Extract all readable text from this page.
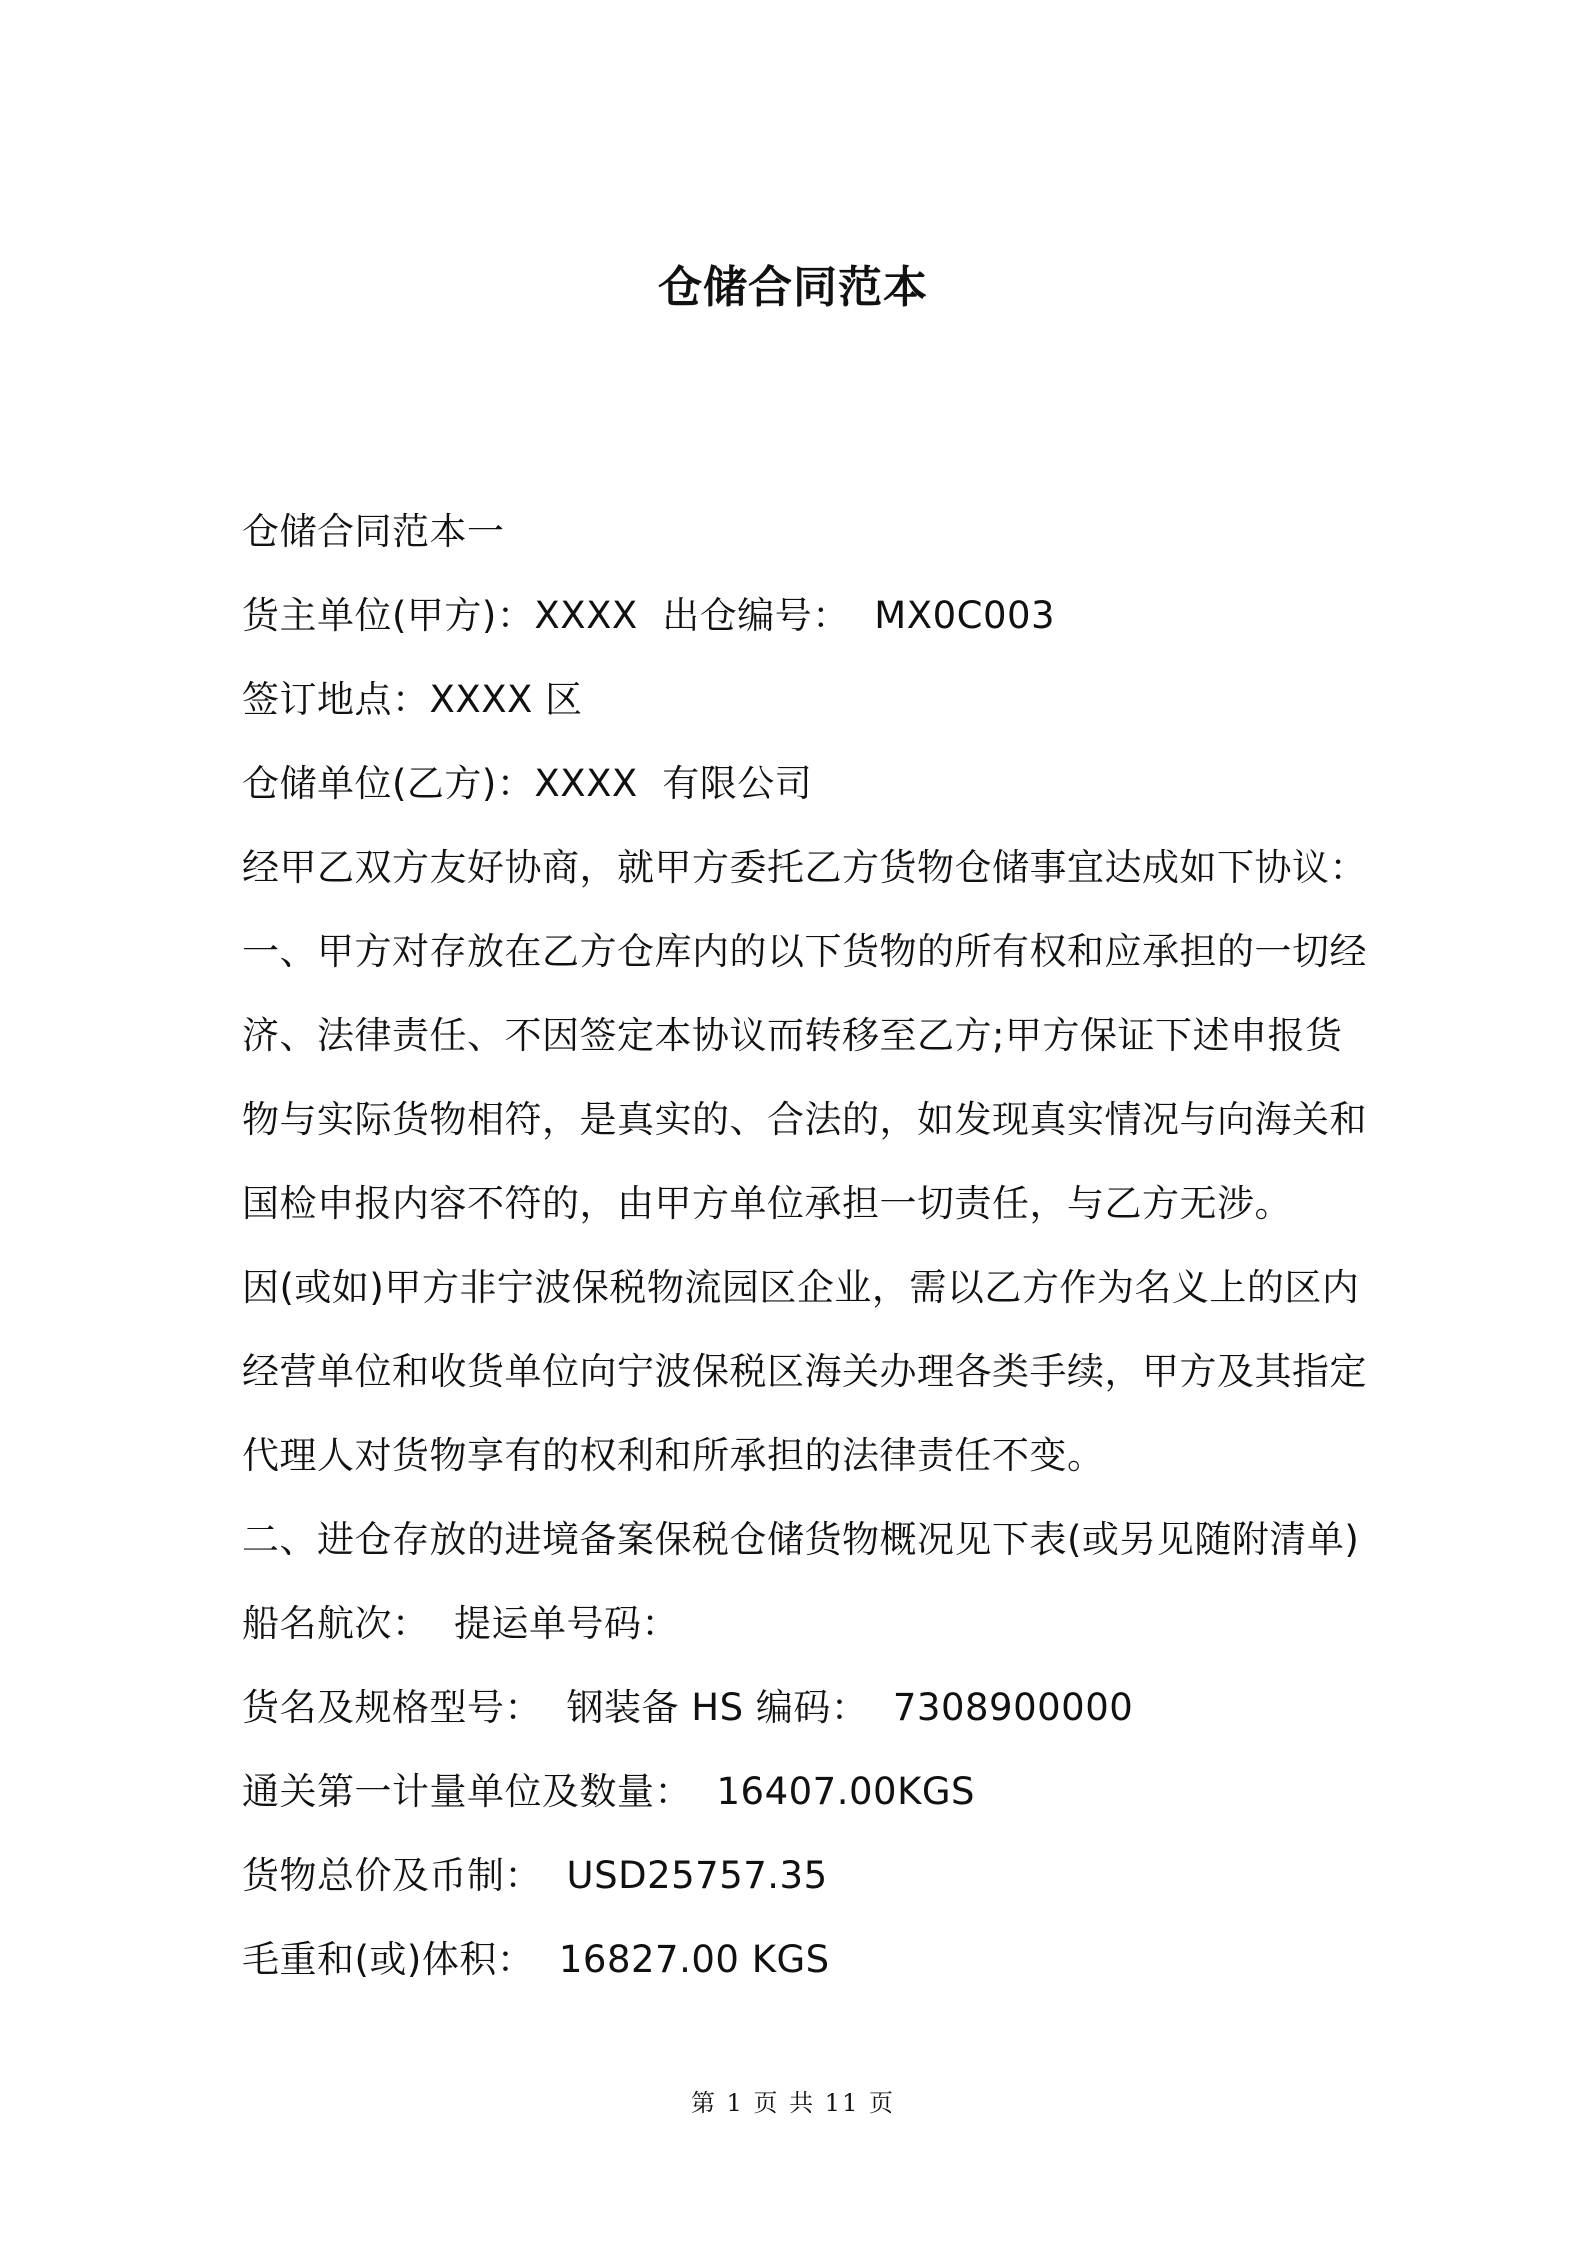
仓储合同范本
仓储合同范本一
货主单位(甲方)：XXXX  出仓编号：  MX0C003
签订地点：XXXX 区
仓储单位(乙方)：XXXX  有限公司
经甲乙双方友好协商，就甲方委托乙方货物仓储事宜达成如下协议：
一、甲方对存放在乙方仓库内的以下货物的所有权和应承担的一切经
济、法律责任、不因签定本协议而转移至乙方;甲方保证下述申报货
物与实际货物相符，是真实的、合法的，如发现真实情况与向海关和
国检申报内容不符的，由甲方单位承担一切责任，与乙方无涉。
因(或如)甲方非宁波保税物流园区企业，需以乙方作为名义上的区内
经营单位和收货单位向宁波保税区海关办理各类手续，甲方及其指定
代理人对货物享有的权利和所承担的法律责任不变。
二、进仓存放的进境备案保税仓储货物概况见下表(或另见随附清单)
船名航次：  提运单号码：
货名及规格型号：  钢装备 HS 编码：  7308900000
通关第一计量单位及数量：  16407.00KGS
货物总价及币制：  USD25757.35
毛重和(或)体积：  16827.00 KGS
第 1 页 共 11 页
